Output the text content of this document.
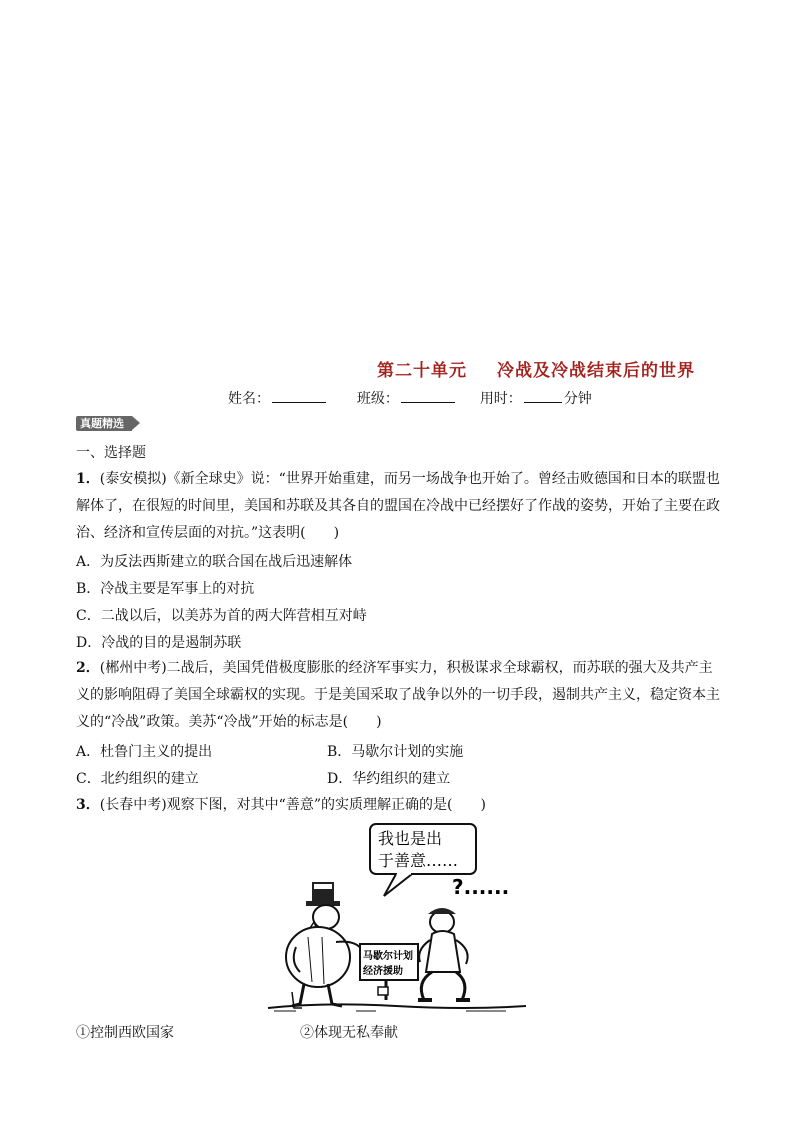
第二十单元 冷战及冷战结束后的世界
姓名：	班级：	用时：	分钟
真题精选
一、选择题
1．(泰安模拟)《新全球史》说：“世界开始重建，而另一场战争也开始了。曾经击败德国和日本的联盟也解体了，在很短的时间里，美国和苏联及其各自的盟国在冷战中已经摆好了作战的姿势，开始了主要在政治、经济和宣传层面的对抗。”这表明(　　)
A．为反法西斯建立的联合国在战后迅速解体
B．冷战主要是军事上的对抗
C．二战以后，以美苏为首的两大阵营相互对峙
D．冷战的目的是遏制苏联
2．(郴州中考)二战后，美国凭借极度膨胀的经济军事实力，积极谋求全球霸权，而苏联的强大及共产主义的影响阻碍了美国全球霸权的实现。于是美国采取了战争以外的一切手段，遏制共产主义，稳定资本主义的“冷战”政策。美苏“冷战”开始的标志是(　　)
A．杜鲁门主义的提出	B．马歇尔计划的实施
C．北约组织的建立	D．华约组织的建立
3．(长春中考)观察下图，对其中“善意”的实质理解正确的是(　　)
我也是出
于善意……
?......
马歇尔计划
经济援助
①控制西欧国家	②体现无私奉献
